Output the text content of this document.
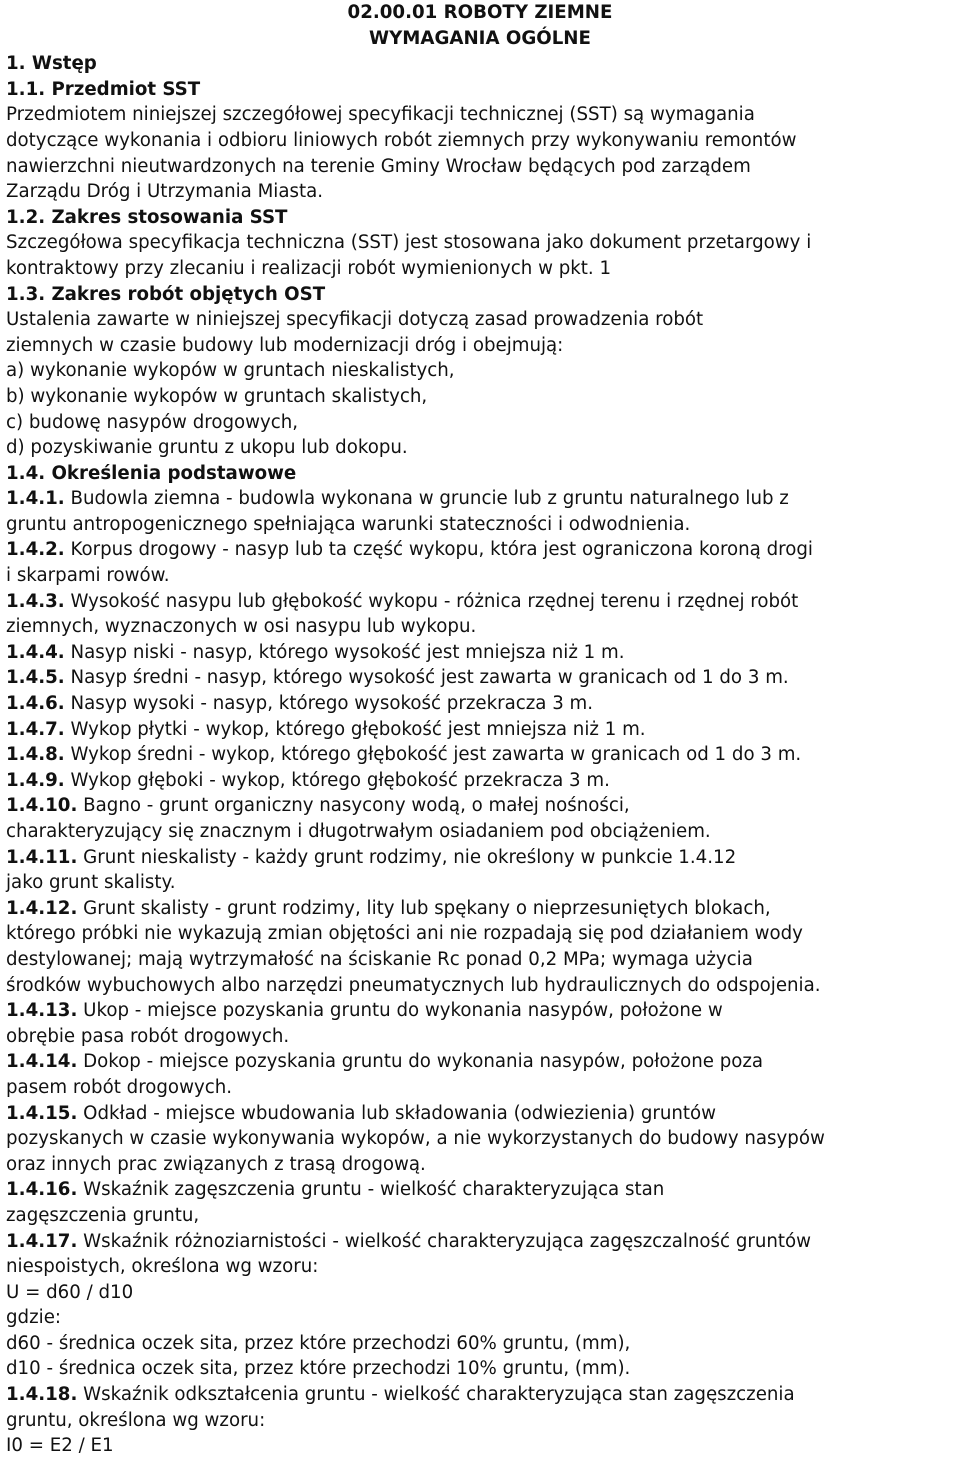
02.00.01 ROBOTY ZIEMNE
WYMAGANIA OGÓLNE
1. Wstęp
1.1. Przedmiot SST
Przedmiotem niniejszej szczegółowej specyfikacji technicznej (SST) są wymagania
dotyczące wykonania i odbioru liniowych robót ziemnych przy wykonywaniu remontów
nawierzchni nieutwardzonych na terenie Gminy Wrocław będących pod zarządem
Zarządu Dróg i Utrzymania Miasta.
1.2. Zakres stosowania SST
Szczegółowa specyfikacja techniczna (SST) jest stosowana jako dokument przetargowy i
kontraktowy przy zlecaniu i realizacji robót wymienionych w pkt. 1
1.3. Zakres robót objętych OST
Ustalenia zawarte w niniejszej specyfikacji dotyczą zasad prowadzenia robót
ziemnych w czasie budowy lub modernizacji dróg i obejmują:
a) wykonanie wykopów w gruntach nieskalistych,
b) wykonanie wykopów w gruntach skalistych,
c) budowę nasypów drogowych,
d) pozyskiwanie gruntu z ukopu lub dokopu.
1.4. Określenia podstawowe
1.4.1. Budowla ziemna - budowla wykonana w gruncie lub z gruntu naturalnego lub z
gruntu antropogenicznego spełniająca warunki stateczności i odwodnienia.
1.4.2. Korpus drogowy - nasyp lub ta część wykopu, która jest ograniczona koroną drogi
i skarpami rowów.
1.4.3. Wysokość nasypu lub głębokość wykopu - różnica rzędnej terenu i rzędnej robót
ziemnych, wyznaczonych w osi nasypu lub wykopu.
1.4.4. Nasyp niski - nasyp, którego wysokość jest mniejsza niż 1 m.
1.4.5. Nasyp średni - nasyp, którego wysokość jest zawarta w granicach od 1 do 3 m.
1.4.6. Nasyp wysoki - nasyp, którego wysokość przekracza 3 m.
1.4.7. Wykop płytki - wykop, którego głębokość jest mniejsza niż 1 m.
1.4.8. Wykop średni - wykop, którego głębokość jest zawarta w granicach od 1 do 3 m.
1.4.9. Wykop głęboki - wykop, którego głębokość przekracza 3 m.
1.4.10. Bagno - grunt organiczny nasycony wodą, o małej nośności,
charakteryzujący się znacznym i długotrwałym osiadaniem pod obciążeniem.
1.4.11. Grunt nieskalisty - każdy grunt rodzimy, nie określony w punkcie 1.4.12
jako grunt skalisty.
1.4.12. Grunt skalisty - grunt rodzimy, lity lub spękany o nieprzesuniętych blokach,
którego próbki nie wykazują zmian objętości ani nie rozpadają się pod działaniem wody
destylowanej; mają wytrzymałość na ściskanie Rc ponad 0,2 MPa; wymaga użycia
środków wybuchowych albo narzędzi pneumatycznych lub hydraulicznych do odspojenia.
1.4.13. Ukop - miejsce pozyskania gruntu do wykonania nasypów, położone w
obrębie pasa robót drogowych.
1.4.14. Dokop - miejsce pozyskania gruntu do wykonania nasypów, położone poza
pasem robót drogowych.
1.4.15. Odkład - miejsce wbudowania lub składowania (odwiezienia) gruntów
pozyskanych w czasie wykonywania wykopów, a nie wykorzystanych do budowy nasypów
oraz innych prac związanych z trasą drogową.
1.4.16. Wskaźnik zagęszczenia gruntu - wielkość charakteryzująca stan
zagęszczenia gruntu,
1.4.17. Wskaźnik różnoziarnistości - wielkość charakteryzująca zagęszczalność gruntów
niespoistych, określona wg wzoru:
U = d60 / d10
gdzie:
d60 - średnica oczek sita, przez które przechodzi 60% gruntu, (mm),
d10 - średnica oczek sita, przez które przechodzi 10% gruntu, (mm).
1.4.18. Wskaźnik odkształcenia gruntu - wielkość charakteryzująca stan zagęszczenia
gruntu, określona wg wzoru:
I0 = E2 / E1
